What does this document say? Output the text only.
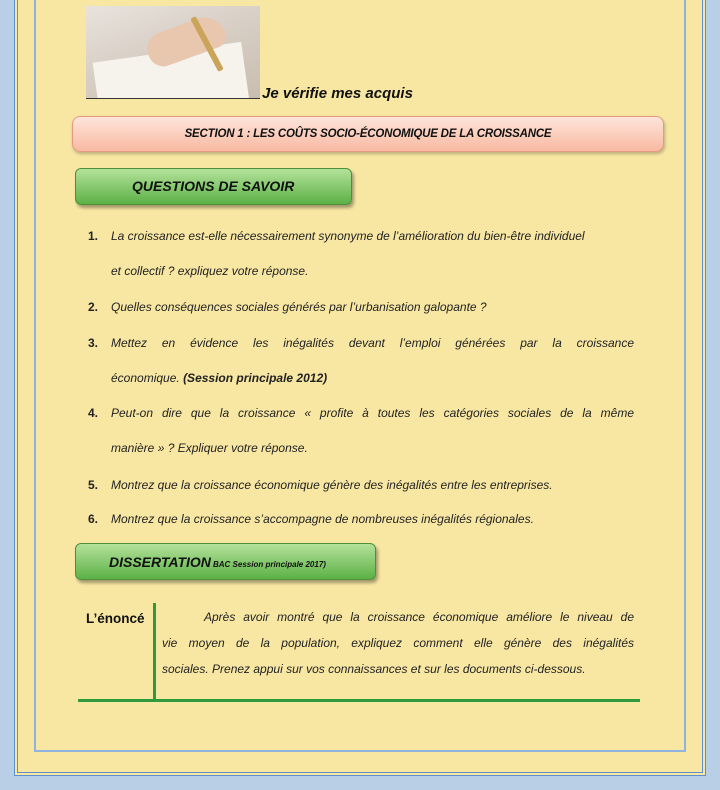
Je vérifie mes acquis
SECTION 1 : LES COÛTS SOCIO-ÉCONOMIQUE DE LA CROISSANCE
QUESTIONS DE SAVOIR
1. La croissance est-elle nécessairement synonyme de l’amélioration du bien-être individuel
et collectif ? expliquez votre réponse.
2. Quelles conséquences sociales générés par l’urbanisation galopante ?
3. Mettez en évidence les inégalités devant l’emploi générées par la croissance
économique. (Session principale 2012)
4. Peut-on dire que la croissance « profite à toutes les catégories sociales de la même
manière » ? Expliquer votre réponse.
5. Montrez que la croissance économique génère des inégalités entre les entreprises.
6. Montrez que la croissance s’accompagne de nombreuses inégalités régionales.
DISSERTATION BAC Session principale 2017)
L’énoncé	Après avoir montré que la croissance économique améliore le niveau de
vie moyen de la population, expliquez comment elle génère des inégalités
sociales. Prenez appui sur vos connaissances et sur les documents ci-dessous.
